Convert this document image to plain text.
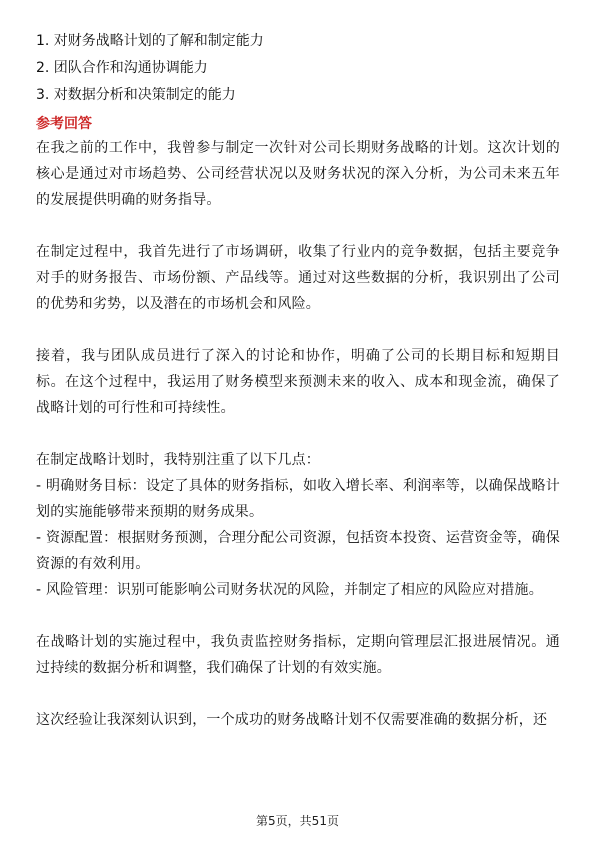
1. 对财务战略计划的了解和制定能力

2. 团队合作和沟通协调能力

3. 对数据分析和决策制定的能力

参考回答

在我之前的工作中，我曾参与制定一次针对公司长期财务战略的计划。这次计划的核心是通过对市场趋势、公司经营状况以及财务状况的深入分析，为公司未来五年的发展提供明确的财务指导。

在制定过程中，我首先进行了市场调研，收集了行业内的竞争数据，包括主要竞争对手的财务报告、市场份额、产品线等。通过对这些数据的分析，我识别出了公司的优势和劣势，以及潜在的市场机会和风险。

接着，我与团队成员进行了深入的讨论和协作，明确了公司的长期目标和短期目标。在这个过程中，我运用了财务模型来预测未来的收入、成本和现金流，确保了战略计划的可行性和可持续性。

在制定战略计划时，我特别注重了以下几点：

- 明确财务目标：设定了具体的财务指标，如收入增长率、利润率等，以确保战略计划的实施能够带来预期的财务成果。

- 资源配置：根据财务预测，合理分配公司资源，包括资本投资、运营资金等，确保资源的有效利用。

- 风险管理：识别可能影响公司财务状况的风险，并制定了相应的风险应对措施。

在战略计划的实施过程中，我负责监控财务指标，定期向管理层汇报进展情况。通过持续的数据分析和调整，我们确保了计划的有效实施。

这次经验让我深刻认识到，一个成功的财务战略计划不仅需要准确的数据分析，还

第5页，共51页
